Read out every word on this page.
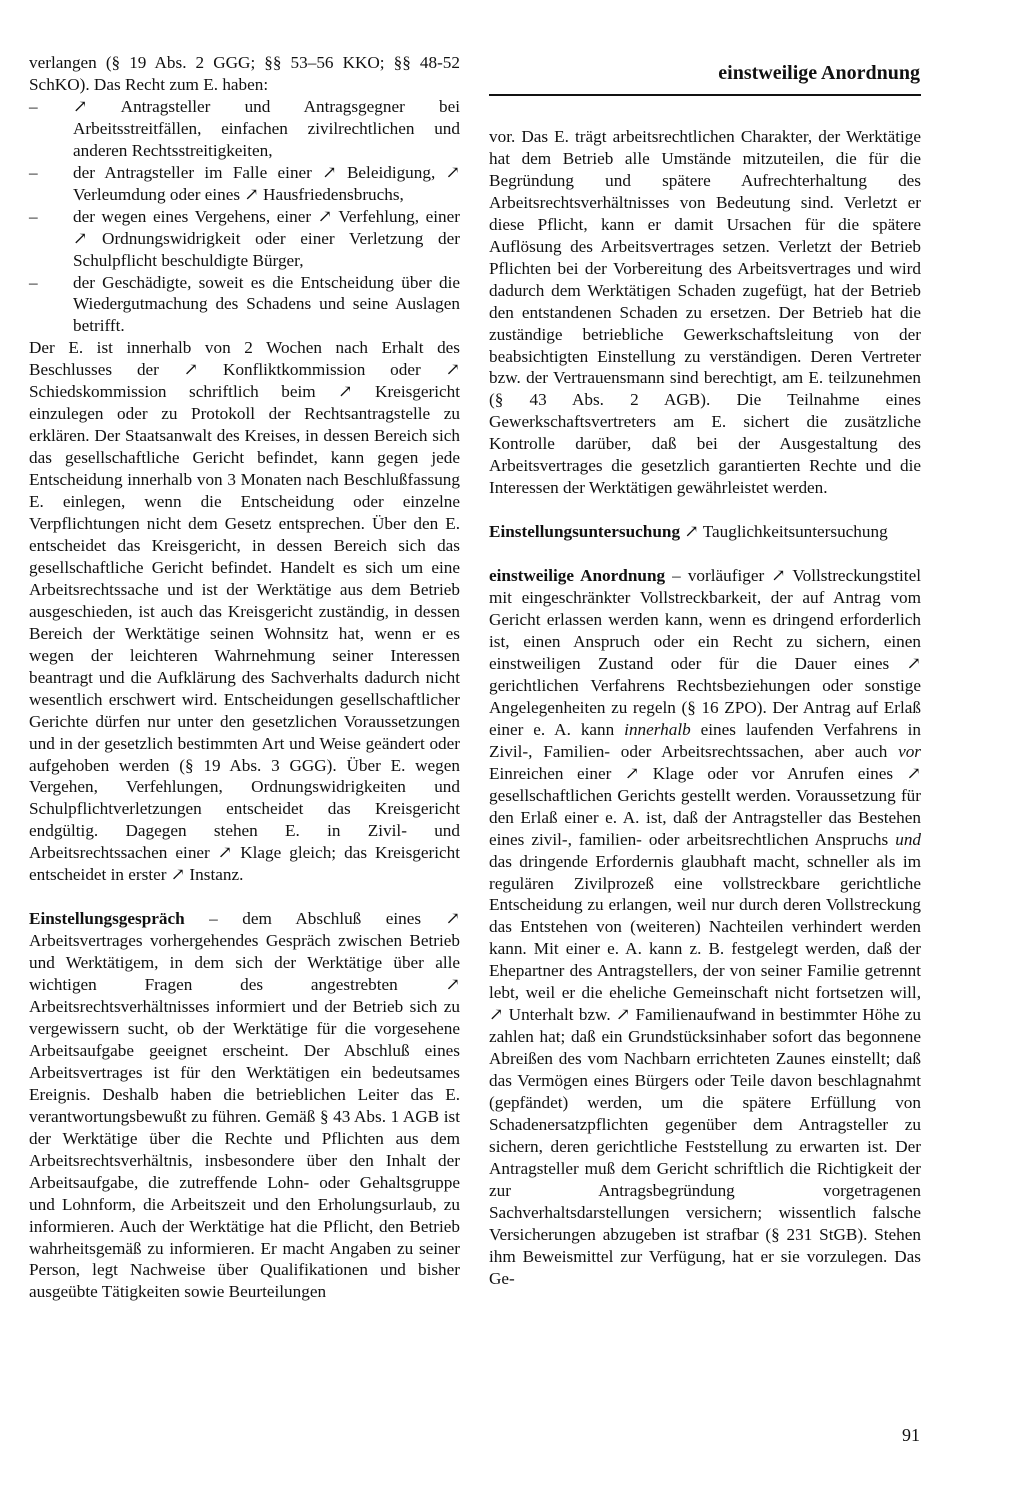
einstweilige Anordnung

verlangen (§ 19 Abs. 2 GGG; §§ 53–56 KKO; §§ 48-52 SchKO). Das Recht zum E. haben:

– ↗ Antragsteller und Antragsgegner bei Arbeitsstreitfällen, einfachen zivilrechtlichen und anderen Rechtsstreitigkeiten,
– der Antragsteller im Falle einer ↗ Beleidigung, ↗ Verleumdung oder eines ↗ Hausfriedensbruchs,
– der wegen eines Vergehens, einer ↗ Verfehlung, einer ↗ Ordnungswidrigkeit oder einer Verletzung der Schulpflicht beschuldigte Bürger,
– der Geschädigte, soweit es die Entscheidung über die Wiedergutmachung des Schadens und seine Auslagen betrifft.

Der E. ist innerhalb von 2 Wochen nach Erhalt des Beschlusses der ↗ Konfliktkommission oder ↗ Schiedskommission schriftlich beim ↗ Kreisgericht einzulegen oder zu Protokoll der Rechtsantragstelle zu erklären. Der Staatsanwalt des Kreises, in dessen Bereich sich das gesellschaftliche Gericht befindet, kann gegen jede Entscheidung innerhalb von 3 Monaten nach Beschlußfassung E. einlegen, wenn die Entscheidung oder einzelne Verpflichtungen nicht dem Gesetz entsprechen. Über den E. entscheidet das Kreisgericht, in dessen Bereich sich das gesellschaftliche Gericht befindet. Handelt es sich um eine Arbeitsrechtssache und ist der Werktätige aus dem Betrieb ausgeschieden, ist auch das Kreisgericht zuständig, in dessen Bereich der Werktätige seinen Wohnsitz hat, wenn er es wegen der leichteren Wahrnehmung seiner Interessen beantragt und die Aufklärung des Sachverhalts dadurch nicht wesentlich erschwert wird. Entscheidungen gesellschaftlicher Gerichte dürfen nur unter den gesetzlichen Voraussetzungen und in der gesetzlich bestimmten Art und Weise geändert oder aufgehoben werden (§ 19 Abs. 3 GGG). Über E. wegen Vergehen, Verfehlungen, Ordnungswidrigkeiten und Schulpflichtverletzungen entscheidet das Kreisgericht endgültig. Dagegen stehen E. in Zivil- und Arbeitsrechtssachen einer ↗ Klage gleich; das Kreisgericht entscheidet in erster ↗ Instanz.

Einstellungsgespräch – dem Abschluß eines ↗ Arbeitsvertrages vorhergehendes Gespräch zwischen Betrieb und Werktätigem, in dem sich der Werktätige über alle wichtigen Fragen des angestrebten ↗ Arbeitsrechtsverhältnisses informiert und der Betrieb sich zu vergewissern sucht, ob der Werktätige für die vorgesehene Arbeitsaufgabe geeignet erscheint. Der Abschluß eines Arbeitsvertrages ist für den Werktätigen ein bedeutsames Ereignis. Deshalb haben die betrieblichen Leiter das E. verantwortungsbewußt zu führen. Gemäß § 43 Abs. 1 AGB ist der Werktätige über die Rechte und Pflichten aus dem Arbeitsrechtsverhältnis, insbesondere über den Inhalt der Arbeitsaufgabe, die zutreffende Lohn- oder Gehaltsgruppe und Lohnform, die Arbeitszeit und den Erholungsurlaub, zu informieren. Auch der Werktätige hat die Pflicht, den Betrieb wahrheitsgemäß zu informieren. Er macht Angaben zu seiner Person, legt Nachweise über Qualifikationen und bisher ausgeübte Tätigkeiten sowie Beurteilungen

vor. Das E. trägt arbeitsrechtlichen Charakter, der Werktätige hat dem Betrieb alle Umstände mitzuteilen, die für die Begründung und spätere Aufrechterhaltung des Arbeitsrechtsverhältnisses von Bedeutung sind. Verletzt er diese Pflicht, kann er damit Ursachen für die spätere Auflösung des Arbeitsvertrages setzen. Verletzt der Betrieb Pflichten bei der Vorbereitung des Arbeitsvertrages und wird dadurch dem Werktätigen Schaden zugefügt, hat der Betrieb den entstandenen Schaden zu ersetzen. Der Betrieb hat die zuständige betriebliche Gewerkschaftsleitung von der beabsichtigten Einstellung zu verständigen. Deren Vertreter bzw. der Vertrauensmann sind berechtigt, am E. teilzunehmen (§ 43 Abs. 2 AGB). Die Teilnahme eines Gewerkschaftsvertreters am E. sichert die zusätzliche Kontrolle darüber, daß bei der Ausgestaltung des Arbeitsvertrages die gesetzlich garantierten Rechte und die Interessen der Werktätigen gewährleistet werden.

Einstellungsuntersuchung ↗ Tauglichkeitsuntersuchung

einstweilige Anordnung – vorläufiger ↗ Vollstreckungstitel mit eingeschränkter Vollstreckbarkeit, der auf Antrag vom Gericht erlassen werden kann, wenn es dringend erforderlich ist, einen Anspruch oder ein Recht zu sichern, einen einstweiligen Zustand oder für die Dauer eines ↗ gerichtlichen Verfahrens Rechtsbeziehungen oder sonstige Angelegenheiten zu regeln (§ 16 ZPO). Der Antrag auf Erlaß einer e. A. kann innerhalb eines laufenden Verfahrens in Zivil-, Familien- oder Arbeitsrechtssachen, aber auch vor Einreichen einer ↗ Klage oder vor Anrufen eines ↗ gesellschaftlichen Gerichts gestellt werden. Voraussetzung für den Erlaß einer e. A. ist, daß der Antragsteller das Bestehen eines zivil-, familien- oder arbeitsrechtlichen Anspruchs und das dringende Erfordernis glaubhaft macht, schneller als im regulären Zivilprozeß eine vollstreckbare gerichtliche Entscheidung zu erlangen, weil nur durch deren Vollstreckung das Entstehen von (weiteren) Nachteilen verhindert werden kann. Mit einer e. A. kann z. B. festgelegt werden, daß der Ehepartner des Antragstellers, der von seiner Familie getrennt lebt, weil er die eheliche Gemeinschaft nicht fortsetzen will, ↗ Unterhalt bzw. ↗ Familienaufwand in bestimmter Höhe zu zahlen hat; daß ein Grundstücksinhaber sofort das begonnene Abreißen des vom Nachbarn errichteten Zaunes einstellt; daß das Vermögen eines Bürgers oder Teile davon beschlagnahmt (gepfändet) werden, um die spätere Erfüllung von Schadenersatzpflichten gegenüber dem Antragsteller zu sichern, deren gerichtliche Feststellung zu erwarten ist. Der Antragsteller muß dem Gericht schriftlich die Richtigkeit der zur Antragsbegründung vorgetragenen Sachverhaltsdarstellungen versichern; wissentlich falsche Versicherungen abzugeben ist strafbar (§ 231 StGB). Stehen ihm Beweismittel zur Verfügung, hat er sie vorzulegen. Das Ge-

91
